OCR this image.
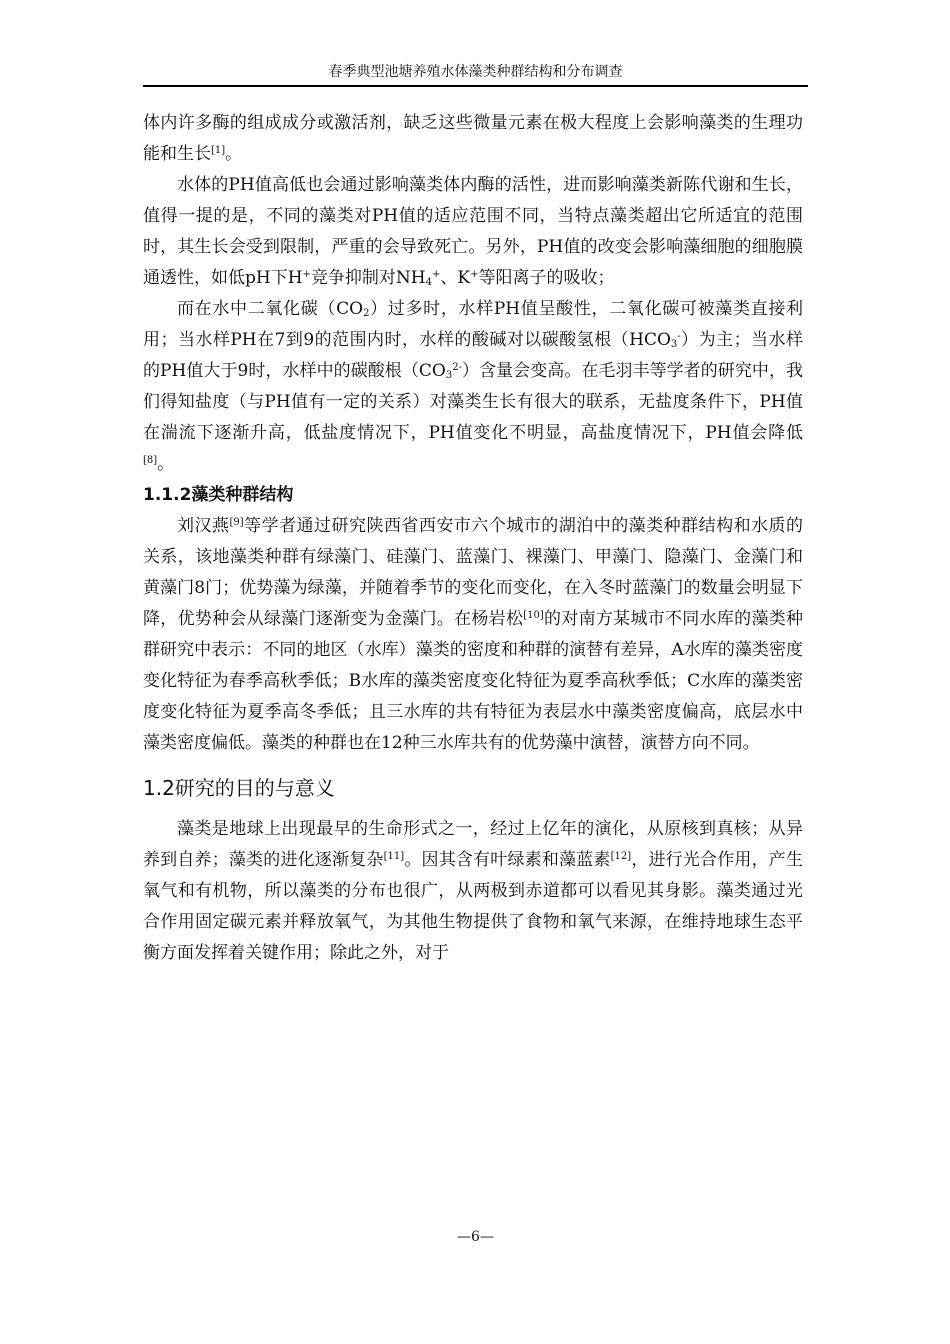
春季典型池塘养殖水体藻类种群结构和分布调查

体内许多酶的组成成分或激活剂，缺乏这些微量元素在极大程度上会影响藻类的生理功能和生长[1]。

水体的PH值高低也会通过影响藻类体内酶的活性，进而影响藻类新陈代谢和生长，值得一提的是，不同的藻类对PH值的适应范围不同，当特点藻类超出它所适宜的范围时，其生长会受到限制，严重的会导致死亡。另外，PH值的改变会影响藻细胞的细胞膜通透性，如低pH下H+竞争抑制对$NH_4^+$、K+等阳离子的吸收；

而在水中二氧化碳$(CO_2)$过多时，水样PH值呈酸性，二氧化碳可被藻类直接利用；当水样PH在7到9的范围内时，水样的酸碱对以碳酸氢根$(HCO_3^-)$为主；当水样的PH值大于9时，水样中的碳酸根$(CO_3^{2-})$含量会变高。在毛羽丰等学者的研究中，我们得知盐度（与PH值有一定的关系）对藻类生长有很大的联系，无盐度条件下，PH值在湍流下逐渐升高，低盐度情况下，PH值变化不明显，高盐度情况下，PH值会降低[8]。

1.1.2藻类种群结构

刘汉燕[9]等学者通过研究陕西省西安市六个城市的湖泊中的藻类种群结构和水质的关系，该地藻类种群有绿藻门、硅藻门、蓝藻门、裸藻门、甲藻门、隐藻门、金藻门和黄藻门8门；优势藻为绿藻，并随着季节的变化而变化，在入冬时蓝藻门的数量会明显下降，优势种会从绿藻门逐渐变为金藻门。在杨岩松[10]的对南方某城市不同水库的藻类种群研究中表示：不同的地区（水库）藻类的密度和种群的演替有差异，A水库的藻类密度变化特征为春季高秋季低；B水库的藻类密度变化特征为夏季高秋季低；C水库的藻类密度变化特征为夏季高冬季低；且三水库的共有特征为表层水中藻类密度偏高，底层水中藻类密度偏低。藻类的种群也在12种三水库共有的优势藻中演替，演替方向不同。

1.2研究的目的与意义

藻类是地球上出现最早的生命形式之一，经过上亿年的演化，从原核到真核；从异养到自养；藻类的进化逐渐复杂[11]。因其含有叶绿素和藻蓝素[12]，进行光合作用，产生氧气和有机物，所以藻类的分布也很广，从两极到赤道都可以看见其身影。藻类通过光合作用固定碳元素并释放氧气，为其他生物提供了食物和氧气来源，在维持地球生态平衡方面发挥着关键作用；除此之外，对于

—6—
